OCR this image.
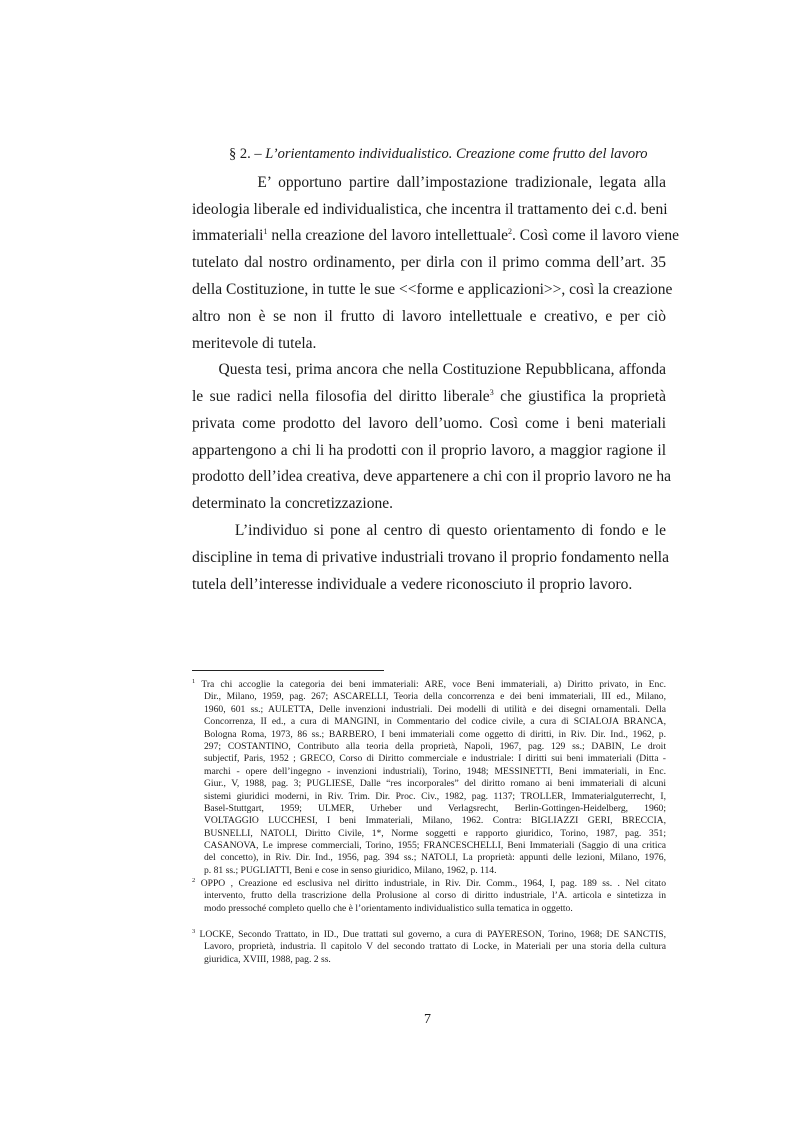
§ 2. – L’orientamento individualistico. Creazione come frutto del lavoro
E’ opportuno partire dall’impostazione tradizionale, legata alla
ideologia liberale ed individualistica, che incentra il trattamento dei c.d. beni
immateriali$^1$ nella creazione del lavoro intellettuale$^2$. Così come il lavoro viene
tutelato dal nostro ordinamento, per dirla con il primo comma dell’art. 35
della Costituzione, in tutte le sue <<forme e applicazioni>>, così la creazione
altro non è se non il frutto di lavoro intellettuale e creativo, e per ciò
meritevole di tutela.
Questa tesi, prima ancora che nella Costituzione Repubblicana, affonda
le sue radici nella filosofia del diritto liberale$^3$ che giustifica la proprietà
privata come prodotto del lavoro dell’uomo. Così come i beni materiali
appartengono a chi li ha prodotti con il proprio lavoro, a maggior ragione il
prodotto dell’idea creativa, deve appartenere a chi con il proprio lavoro ne ha
determinato la concretizzazione.
L’individuo si pone al centro di questo orientamento di fondo e le
discipline in tema di privative industriali trovano il proprio fondamento nella
tutela dell’interesse individuale a vedere riconosciuto il proprio lavoro.
$^1$ Tra chi accoglie la categoria dei beni immateriali: ARE, voce Beni immateriali, a) Diritto privato, in Enc.
Dir., Milano, 1959, pag. 267; ASCARELLI, Teoria della concorrenza e dei beni immateriali, III ed., Milano,
1960, 601 ss.; AULETTA, Delle invenzioni industriali. Dei modelli di utilità e dei disegni ornamentali. Della
Concorrenza, II ed., a cura di MANGINI, in Commentario del codice civile, a cura di SCIALOJA BRANCA,
Bologna Roma, 1973, 86 ss.; BARBERO, I beni immateriali come oggetto di diritti, in Riv. Dir. Ind., 1962, p.
297; COSTANTINO, Contributo alla teoria della proprietà, Napoli, 1967, pag. 129 ss.; DABIN, Le droit
subjectif, Paris, 1952 ; GRECO, Corso di Diritto commerciale e industriale: I diritti sui beni immateriali (Ditta -
marchi - opere dell’ingegno - invenzioni industriali), Torino, 1948; MESSINETTI, Beni immateriali, in Enc.
Giur., V, 1988, pag. 3; PUGLIESE, Dalle “res incorporales” del diritto romano ai beni immateriali di alcuni
sistemi giuridici moderni, in Riv. Trim. Dir. Proc. Civ., 1982, pag. 1137; TROLLER, Immaterialguterrecht, I,
Basel-Stuttgart, 1959; ULMER, Urheber und Verlagsrecht, Berlin-Gottingen-Heidelberg, 1960;
VOLTAGGIO LUCCHESI, I beni Immateriali, Milano, 1962. Contra: BIGLIAZZI GERI, BRECCIA,
BUSNELLI, NATOLI, Diritto Civile, 1*, Norme soggetti e rapporto giuridico, Torino, 1987, pag. 351;
CASANOVA, Le imprese commerciali, Torino, 1955; FRANCESCHELLI, Beni Immateriali (Saggio di una critica
del concetto), in Riv. Dir. Ind., 1956, pag. 394 ss.; NATOLI, La proprietà: appunti delle lezioni, Milano, 1976,
p. 81 ss.; PUGLIATTI, Beni e cose in senso giuridico, Milano, 1962, p. 114.
$^2$ OPPO , Creazione ed esclusiva nel diritto industriale, in Riv. Dir. Comm., 1964, I, pag. 189 ss. . Nel citato
intervento, frutto della trascrizione della Prolusione al corso di diritto industriale, l’A. articola e sintetizza in
modo pressoché completo quello che è l’orientamento individualistico sulla tematica in oggetto.
$^3$ LOCKE, Secondo Trattato, in ID., Due trattati sul governo, a cura di PAYERESON, Torino, 1968; DE SANCTIS,
Lavoro, proprietà, industria. Il capitolo V del secondo trattato di Locke, in Materiali per una storia della cultura
giuridica, XVIII, 1988, pag. 2 ss.
7
